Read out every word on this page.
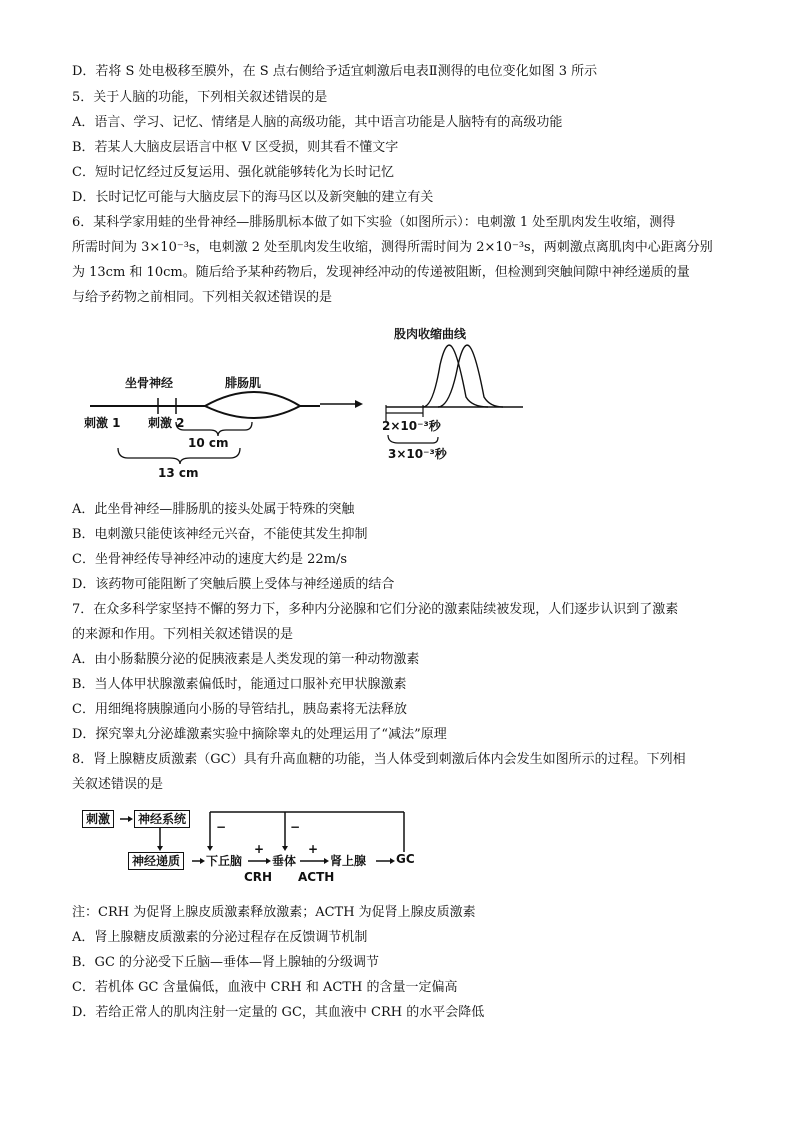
D．若将 S 处电极移至膜外，在 S 点右侧给予适宜刺激后电表Ⅱ测得的电位变化如图 3 所示
5．关于人脑的功能，下列相关叙述错误的是
A．语言、学习、记忆、情绪是人脑的高级功能，其中语言功能是人脑特有的高级功能
B．若某人大脑皮层语言中枢 V 区受损，则其看不懂文字
C．短时记忆经过反复运用、强化就能够转化为长时记忆
D．长时记忆可能与大脑皮层下的海马区以及新突触的建立有关
6．某科学家用蛙的坐骨神经—腓肠肌标本做了如下实验（如图所示）：电刺激 1 处至肌肉发生收缩，测得
所需时间为 3×10⁻³s，电刺激 2 处至肌肉发生收缩，测得所需时间为 2×10⁻³s，两刺激点离肌肉中心距离分别
为 13cm 和 10cm。随后给予某种药物后，发现神经冲动的传递被阻断，但检测到突触间隙中神经递质的量
与给予药物之前相同。下列相关叙述错误的是
坐骨神经	腓肠肌
刺激 1 刺激 2
10 cm
13 cm
股肉收缩曲线
2×10⁻³秒
3×10⁻³秒
A．此坐骨神经—腓肠肌的接头处属于特殊的突触
B．电刺激只能使该神经元兴奋，不能使其发生抑制
C．坐骨神经传导神经冲动的速度大约是 22m/s
D．该药物可能阻断了突触后膜上受体与神经递质的结合
7．在众多科学家坚持不懈的努力下，多种内分泌腺和它们分泌的激素陆续被发现，人们逐步认识到了激素
的来源和作用。下列相关叙述错误的是
A．由小肠黏膜分泌的促胰液素是人类发现的第一种动物激素
B．当人体甲状腺激素偏低时，能通过口服补充甲状腺激素
C．用细绳将胰腺通向小肠的导管结扎，胰岛素将无法释放
D．探究睾丸分泌雄激素实验中摘除睾丸的处理运用了“减法”原理
8．肾上腺糖皮质激素（GC）具有升高血糖的功能，当人体受到刺激后体内会发生如图所示的过程。下列相
关叙述错误的是
刺激	神经系统
神经递质	下丘脑 垂体	肾上腺 GC
+	+
−	−
CRH ACTH
注：CRH 为促肾上腺皮质激素释放激素；ACTH 为促肾上腺皮质激素
A．肾上腺糖皮质激素的分泌过程存在反馈调节机制
B．GC 的分泌受下丘脑—垂体—肾上腺轴的分级调节
C．若机体 GC 含量偏低，血液中 CRH 和 ACTH 的含量一定偏高
D．若给正常人的肌肉注射一定量的 GC，其血液中 CRH 的水平会降低
